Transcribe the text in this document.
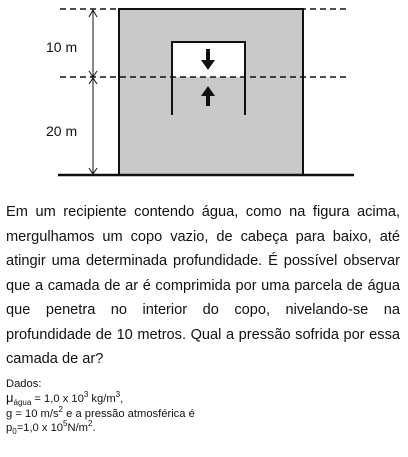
10 m
20 m
Em um recipiente contendo água, como na figura acima, mergulhamos um copo vazio, de cabeça para baixo, até atingir uma determinada profundidade. É possível observar que a camada de ar é comprimida por uma parcela de água que penetra no interior do copo, nivelando-se na profundidade de 10 metros. Qual a pressão sofrida por essa camada de ar?
Dados:
$\mu_{água} = 1,0$ x $10^3$ $kg/m^3$,
g = 10 $m/s^2$ e a pressão atmosférica é
$p_0=1,0$ x $10^5N/m^2$.
